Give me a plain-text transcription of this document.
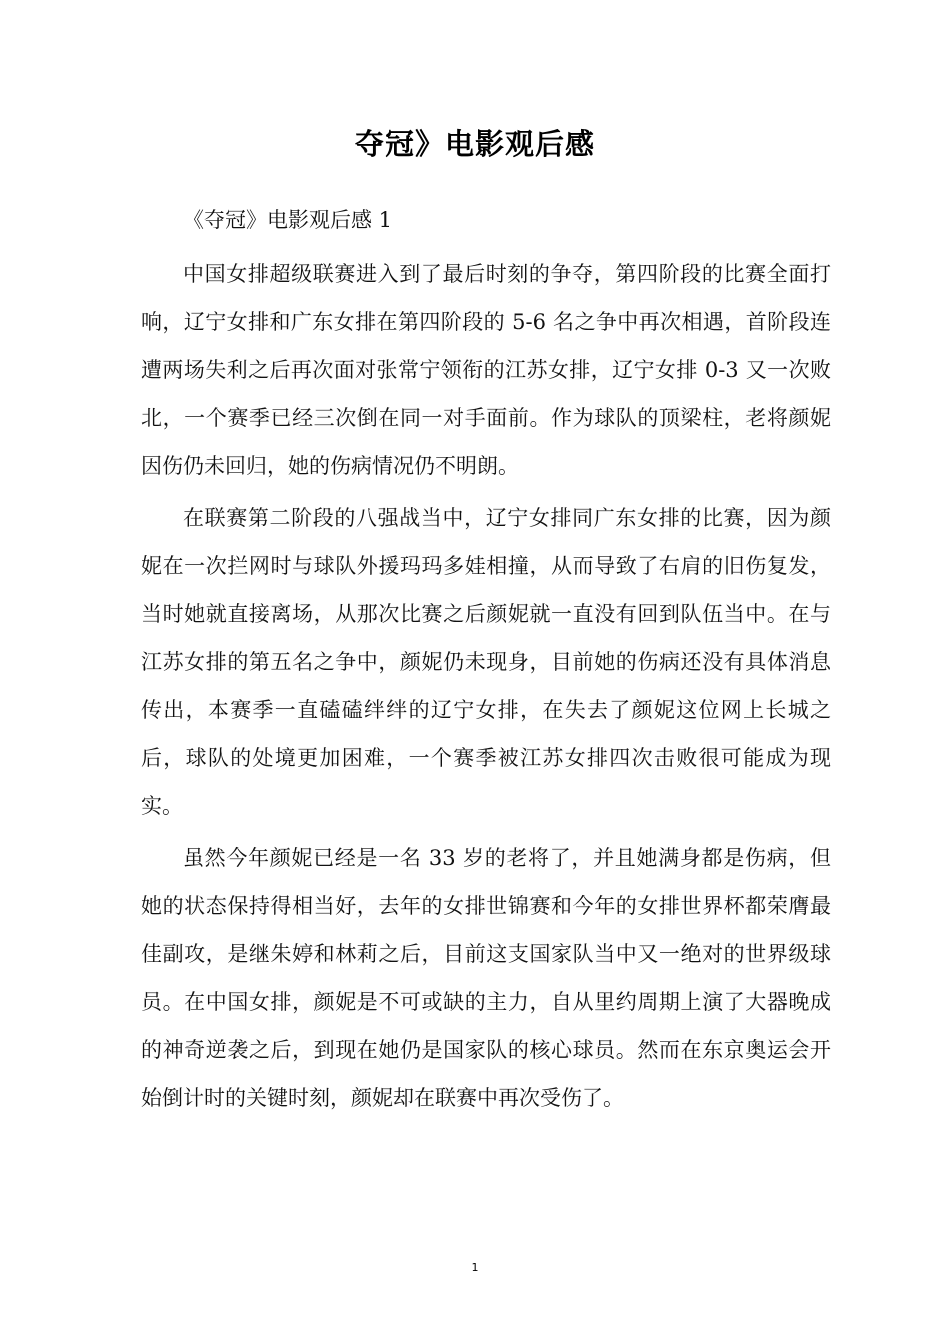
夺冠》电影观后感

《夺冠》电影观后感 1

中国女排超级联赛进入到了最后时刻的争夺，第四阶段的比赛全面打响，辽宁女排和广东女排在第四阶段的 5-6 名之争中再次相遇，首阶段连遭两场失利之后再次面对张常宁领衔的江苏女排，辽宁女排 0-3 又一次败北，一个赛季已经三次倒在同一对手面前。作为球队的顶梁柱，老将颜妮因伤仍未回归，她的伤病情况仍不明朗。

在联赛第二阶段的八强战当中，辽宁女排同广东女排的比赛，因为颜妮在一次拦网时与球队外援玛玛多娃相撞，从而导致了右肩的旧伤复发，当时她就直接离场，从那次比赛之后颜妮就一直没有回到队伍当中。在与江苏女排的第五名之争中，颜妮仍未现身，目前她的伤病还没有具体消息传出，本赛季一直磕磕绊绊的辽宁女排，在失去了颜妮这位网上长城之后，球队的处境更加困难，一个赛季被江苏女排四次击败很可能成为现实。

虽然今年颜妮已经是一名 33 岁的老将了，并且她满身都是伤病，但她的状态保持得相当好，去年的女排世锦赛和今年的女排世界杯都荣膺最佳副攻，是继朱婷和林莉之后，目前这支国家队当中又一绝对的世界级球员。在中国女排，颜妮是不可或缺的主力，自从里约周期上演了大器晚成的神奇逆袭之后，到现在她仍是国家队的核心球员。然而在东京奥运会开始倒计时的关键时刻，颜妮却在联赛中再次受伤了。

1
